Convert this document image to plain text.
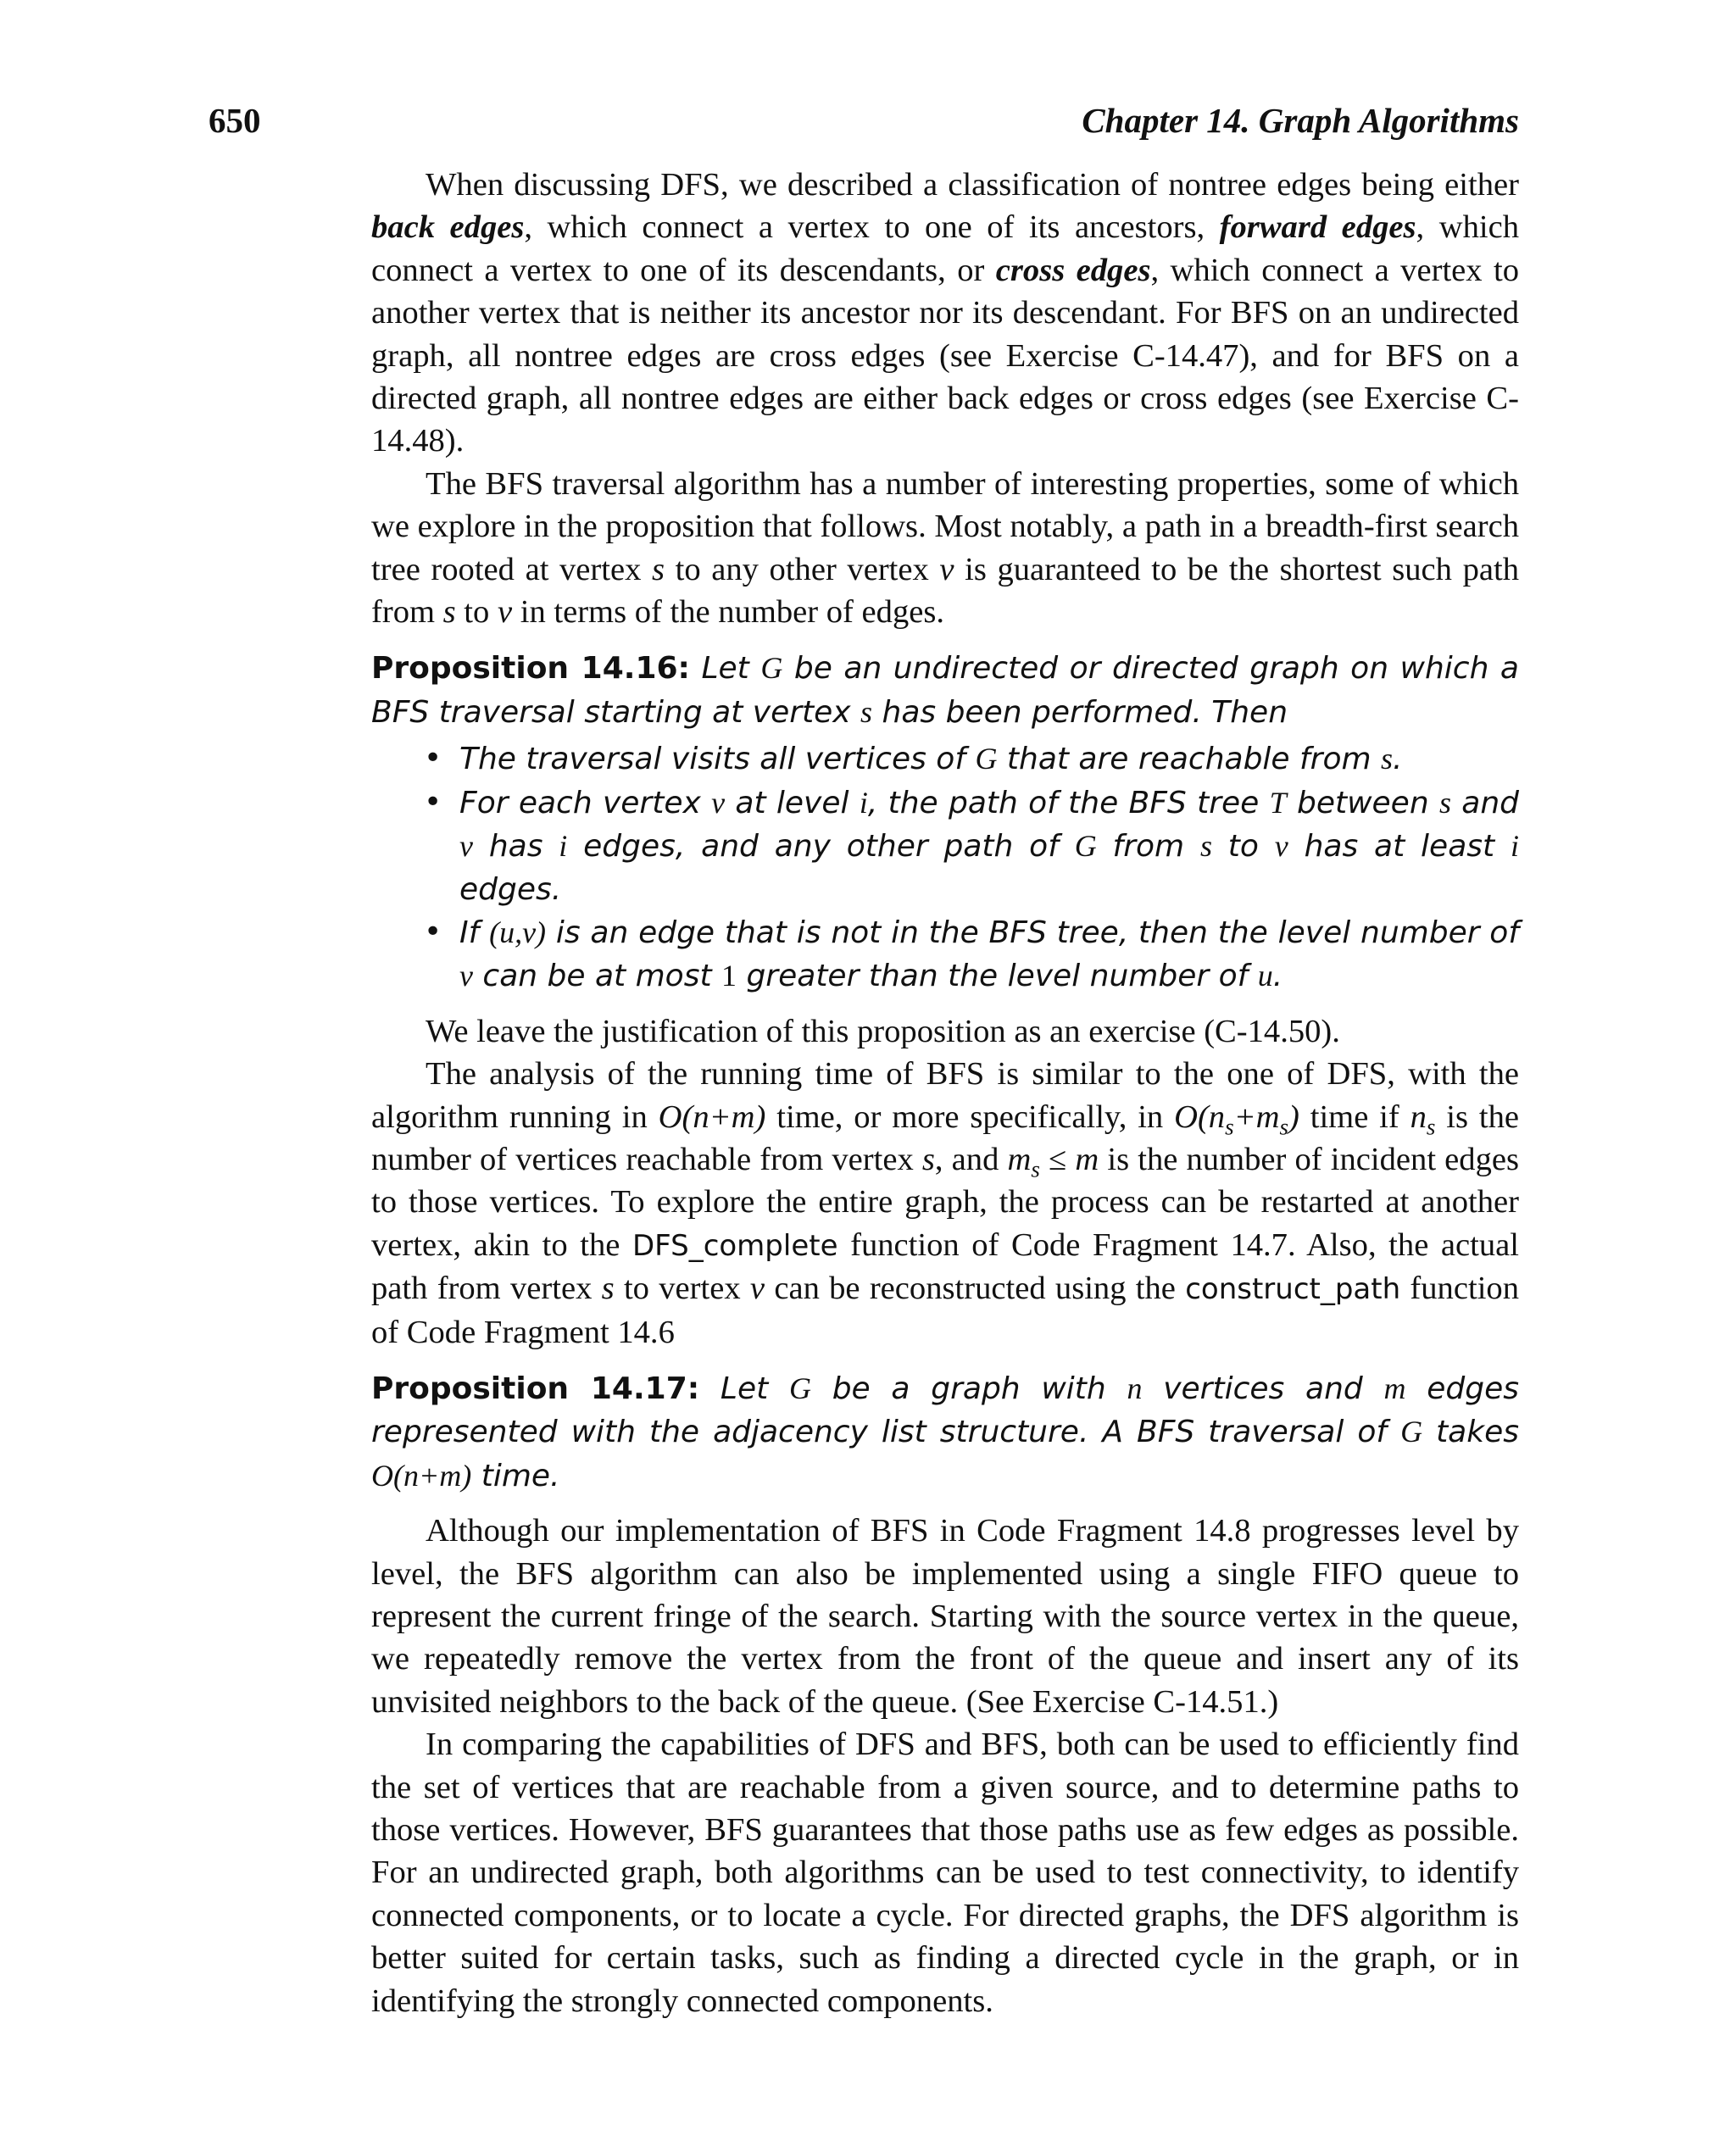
650	Chapter 14. Graph Algorithms

When discussing DFS, we described a classification of nontree edges being either back edges, which connect a vertex to one of its ancestors, forward edges, which connect a vertex to one of its descendants, or cross edges, which connect a vertex to another vertex that is neither its ancestor nor its descendant. For BFS on an undirected graph, all nontree edges are cross edges (see Exercise C-14.47), and for BFS on a directed graph, all nontree edges are either back edges or cross edges (see Exercise C-14.48).

The BFS traversal algorithm has a number of interesting properties, some of which we explore in the proposition that follows. Most notably, a path in a breadth-first search tree rooted at vertex s to any other vertex v is guaranteed to be the shortest such path from s to v in terms of the number of edges.

Proposition 14.16: Let G be an undirected or directed graph on which a BFS traversal starting at vertex s has been performed. Then
• The traversal visits all vertices of G that are reachable from s.
• For each vertex v at level i, the path of the BFS tree T between s and v has i edges, and any other path of G from s to v has at least i edges.
• If (u,v) is an edge that is not in the BFS tree, then the level number of v can be at most 1 greater than the level number of u.

We leave the justification of this proposition as an exercise (C-14.50).

The analysis of the running time of BFS is similar to the one of DFS, with the algorithm running in O(n+m) time, or more specifically, in $O(n_s+m_s)$ time if $n_s$ is the number of vertices reachable from vertex s, and $m_s \le m$ is the number of incident edges to those vertices. To explore the entire graph, the process can be restarted at another vertex, akin to the DFS_complete function of Code Fragment 14.7. Also, the actual path from vertex s to vertex v can be reconstructed using the construct_path function of Code Fragment 14.6

Proposition 14.17: Let G be a graph with n vertices and m edges represented with the adjacency list structure. A BFS traversal of G takes O(n+m) time.

Although our implementation of BFS in Code Fragment 14.8 progresses level by level, the BFS algorithm can also be implemented using a single FIFO queue to represent the current fringe of the search. Starting with the source vertex in the queue, we repeatedly remove the vertex from the front of the queue and insert any of its unvisited neighbors to the back of the queue. (See Exercise C-14.51.)

In comparing the capabilities of DFS and BFS, both can be used to efficiently find the set of vertices that are reachable from a given source, and to determine paths to those vertices. However, BFS guarantees that those paths use as few edges as possible. For an undirected graph, both algorithms can be used to test connectivity, to identify connected components, or to locate a cycle. For directed graphs, the DFS algorithm is better suited for certain tasks, such as finding a directed cycle in the graph, or in identifying the strongly connected components.
